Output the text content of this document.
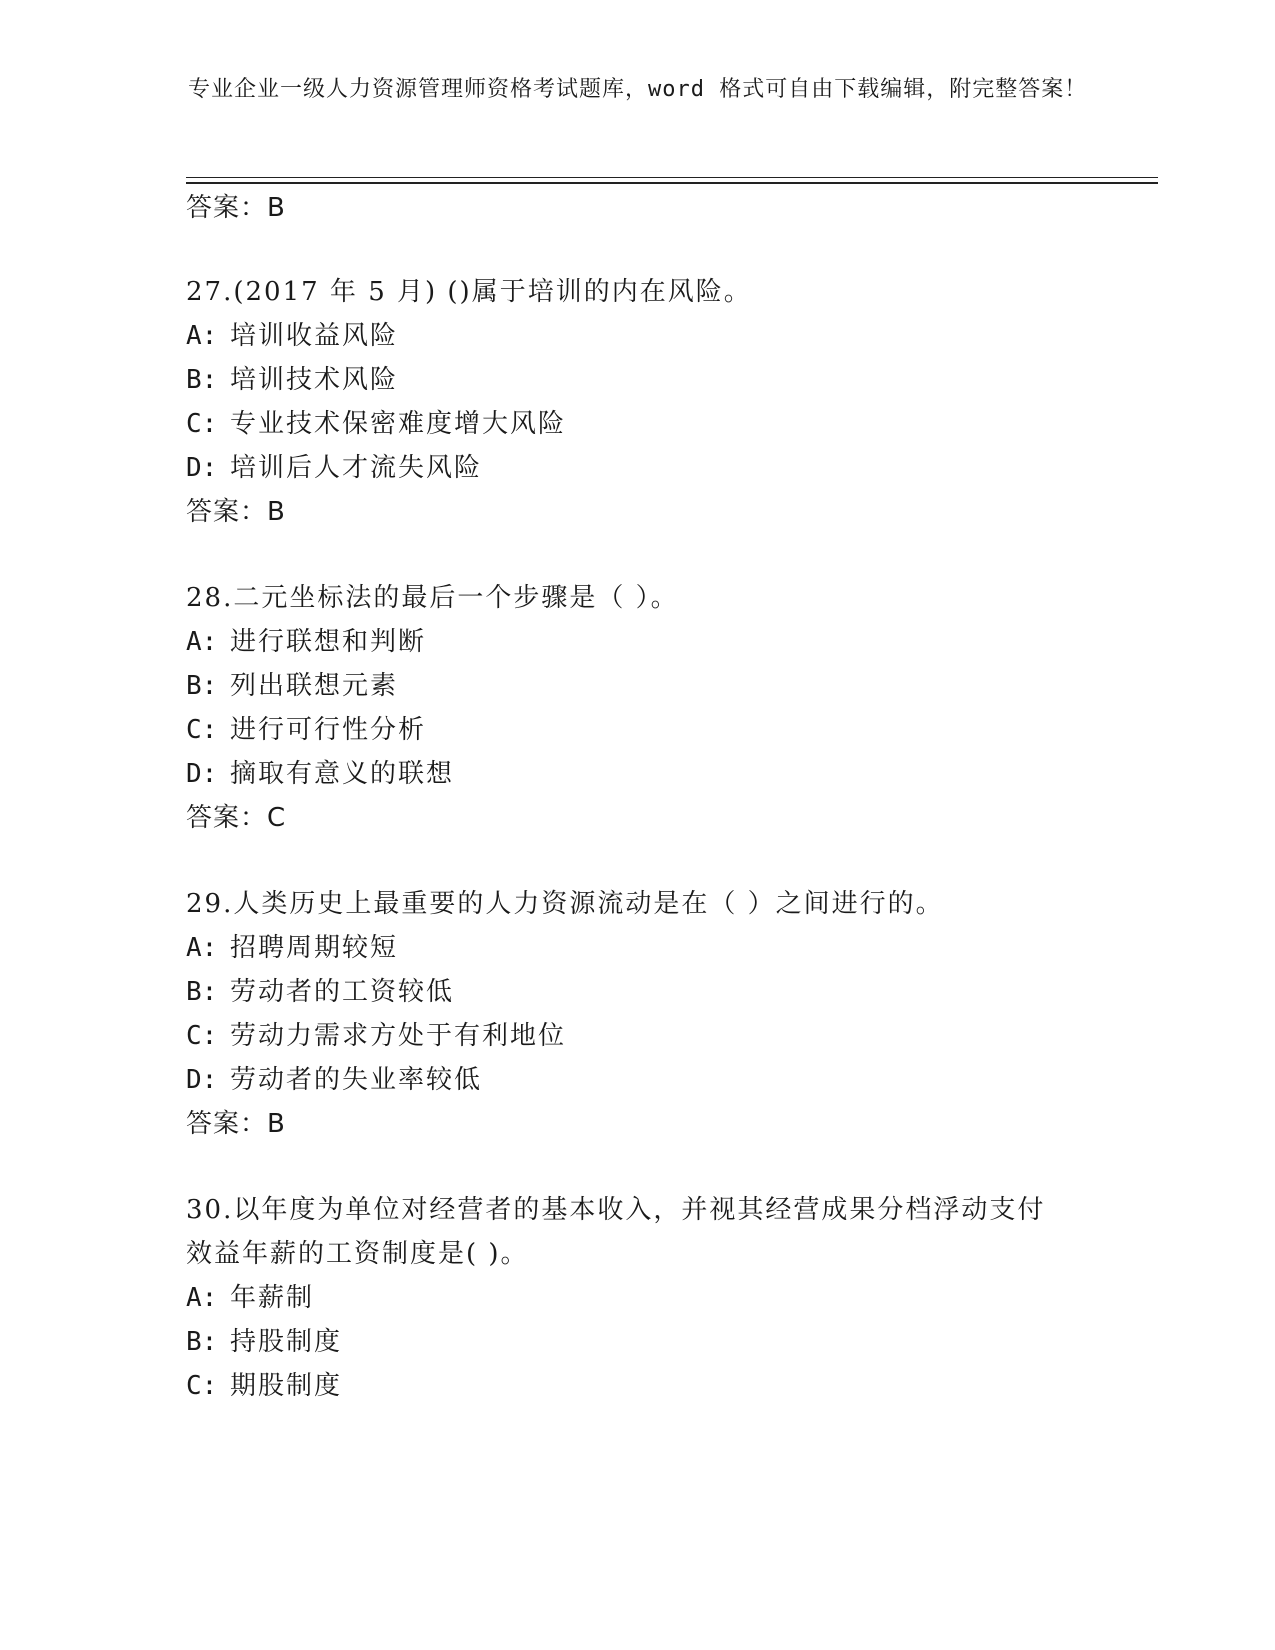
专业企业一级人力资源管理师资格考试题库，word 格式可自由下载编辑，附完整答案！
答案：B
27.(2017 年 5 月) ()属于培训的内在风险。
A: 培训收益风险
B: 培训技术风险
C: 专业技术保密难度增大风险
D: 培训后人才流失风险
答案：B
28.二元坐标法的最后一个步骤是（ ）。
A: 进行联想和判断
B: 列出联想元素
C: 进行可行性分析
D: 摘取有意义的联想
答案：C
29.人类历史上最重要的人力资源流动是在（ ）之间进行的。
A: 招聘周期较短
B: 劳动者的工资较低
C: 劳动力需求方处于有利地位
D: 劳动者的失业率较低
答案：B
30.以年度为单位对经营者的基本收入，并视其经营成果分档浮动支付
效益年薪的工资制度是( )。
A: 年薪制
B: 持股制度
C: 期股制度
